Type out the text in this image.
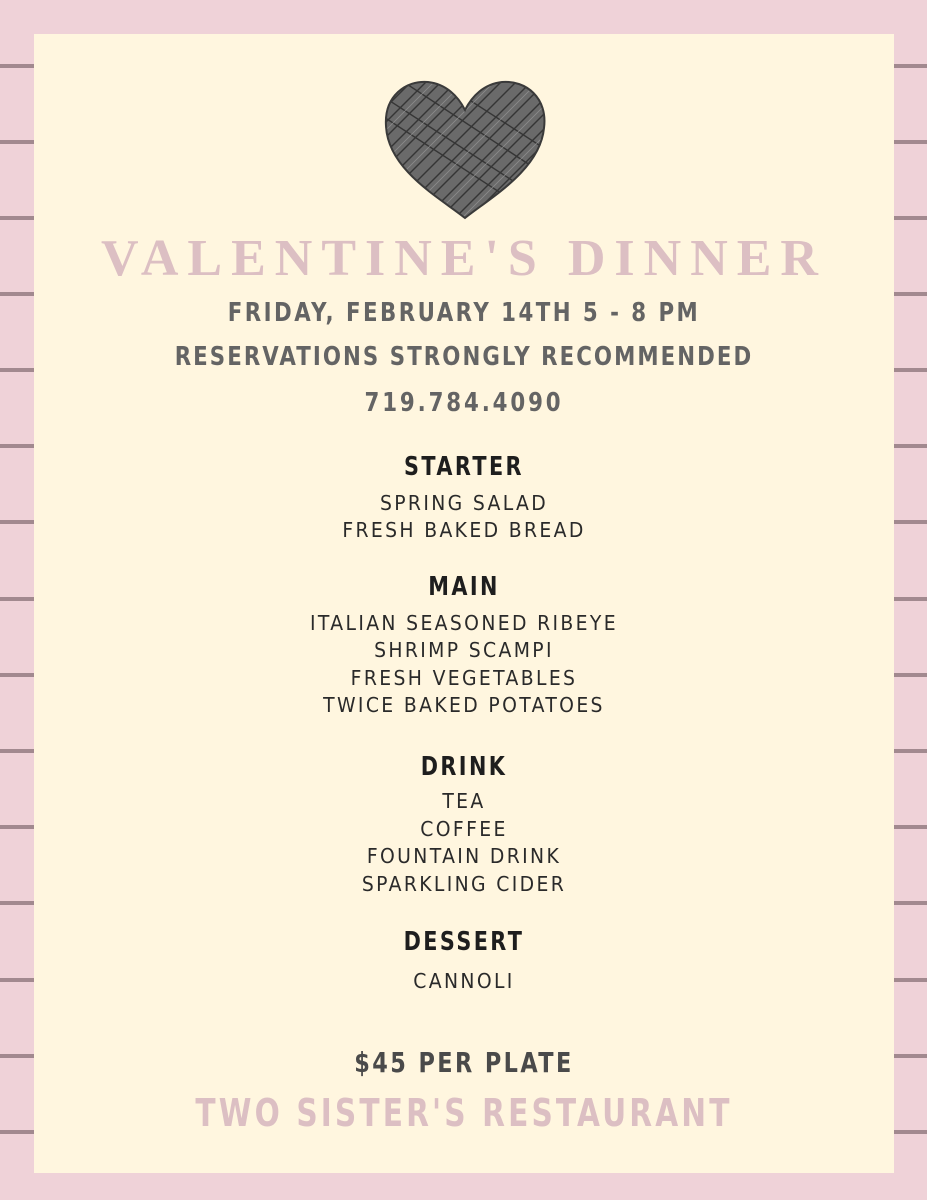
VALENTINE'S DINNER
FRIDAY, FEBRUARY 14TH 5 - 8 PM
RESERVATIONS STRONGLY RECOMMENDED
719.784.4090
STARTER
SPRING SALAD
FRESH BAKED BREAD
MAIN
ITALIAN SEASONED RIBEYE
SHRIMP SCAMPI
FRESH VEGETABLES
TWICE BAKED POTATOES
DRINK
TEA
COFFEE
FOUNTAIN DRINK
SPARKLING CIDER
DESSERT
CANNOLI
$45 PER PLATE
TWO SISTER'S RESTAURANT
